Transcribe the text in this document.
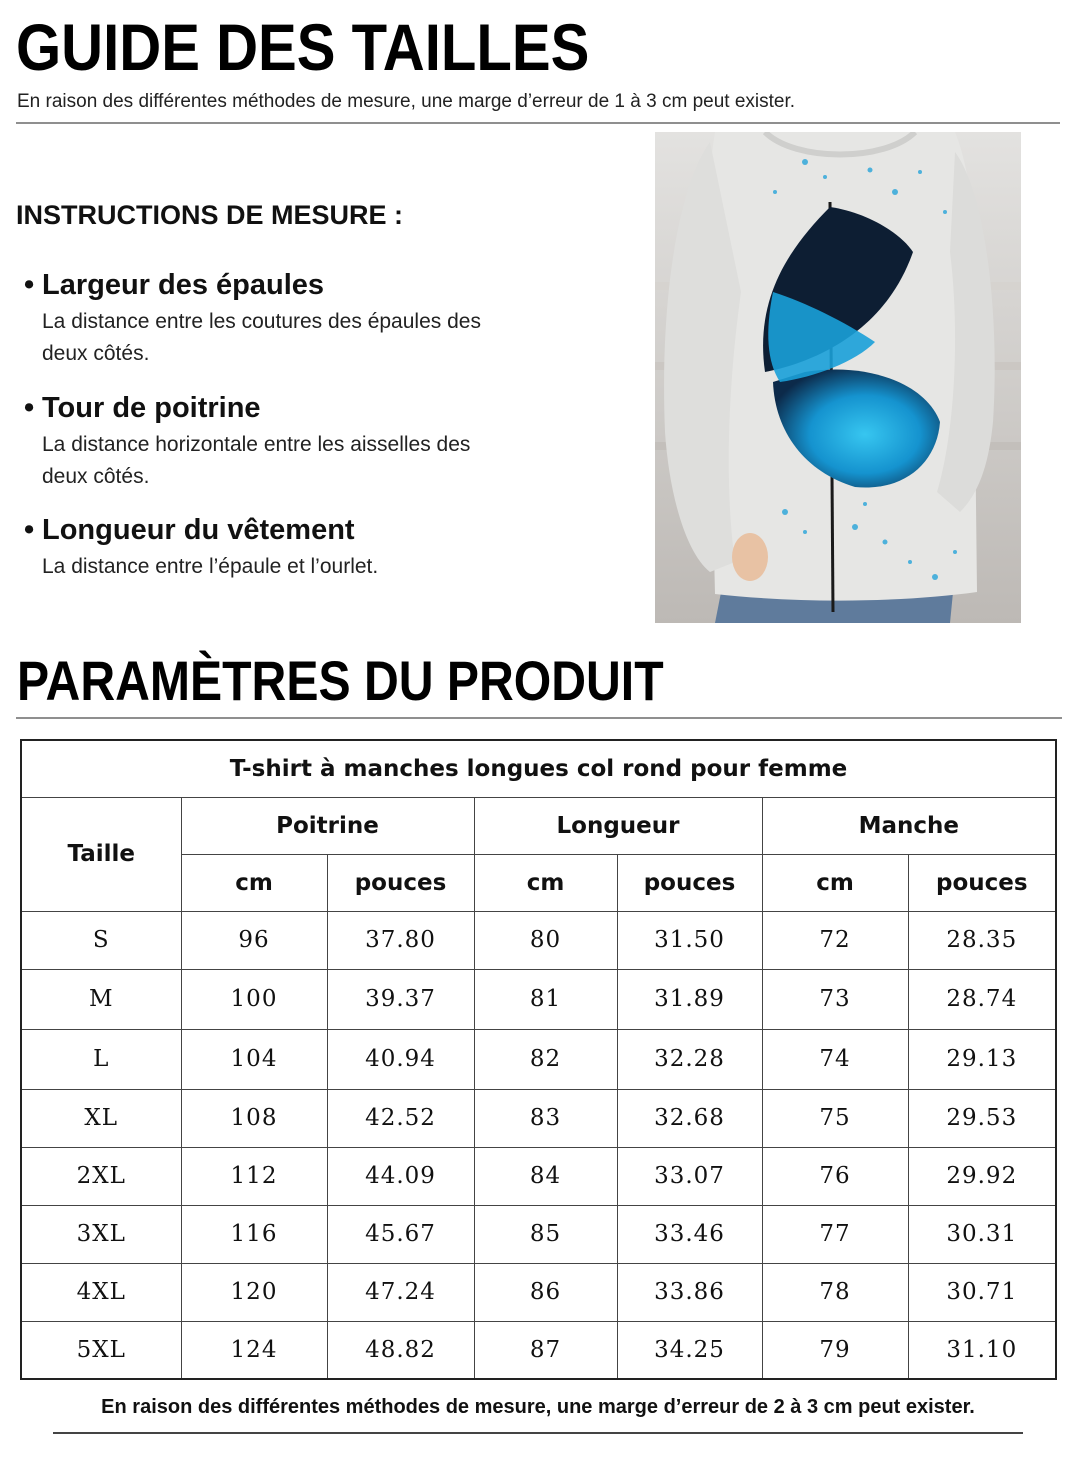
GUIDE DES TAILLES
En raison des différentes méthodes de mesure, une marge d’erreur de 1 à 3 cm peut exister.
INSTRUCTIONS DE MESURE :
• Largeur des épaules
La distance entre les coutures des épaules des
deux côtés.
• Tour de poitrine
La distance horizontale entre les aisselles des
deux côtés.
• Longueur du vêtement
La distance entre l’épaule et l’ourlet.
PARAMÈTRES DU PRODUIT
T-shirt à manches longues col rond pour femme						
Taille	Poitrine		Longueur		Manche	
	cm	pouces	cm	pouces	cm	pouces
S	96	37.80	80	31.50	72	28.35
M	100	39.37	81	31.89	73	28.74
L	104	40.94	82	32.28	74	29.13
XL	108	42.52	83	32.68	75	29.53
2XL	112	44.09	84	33.07	76	29.92
3XL	116	45.67	85	33.46	77	30.31
4XL	120	47.24	86	33.86	78	30.71
5XL	124	48.82	87	34.25	79	31.10
En raison des différentes méthodes de mesure, une marge d’erreur de 2 à 3 cm peut exister.
